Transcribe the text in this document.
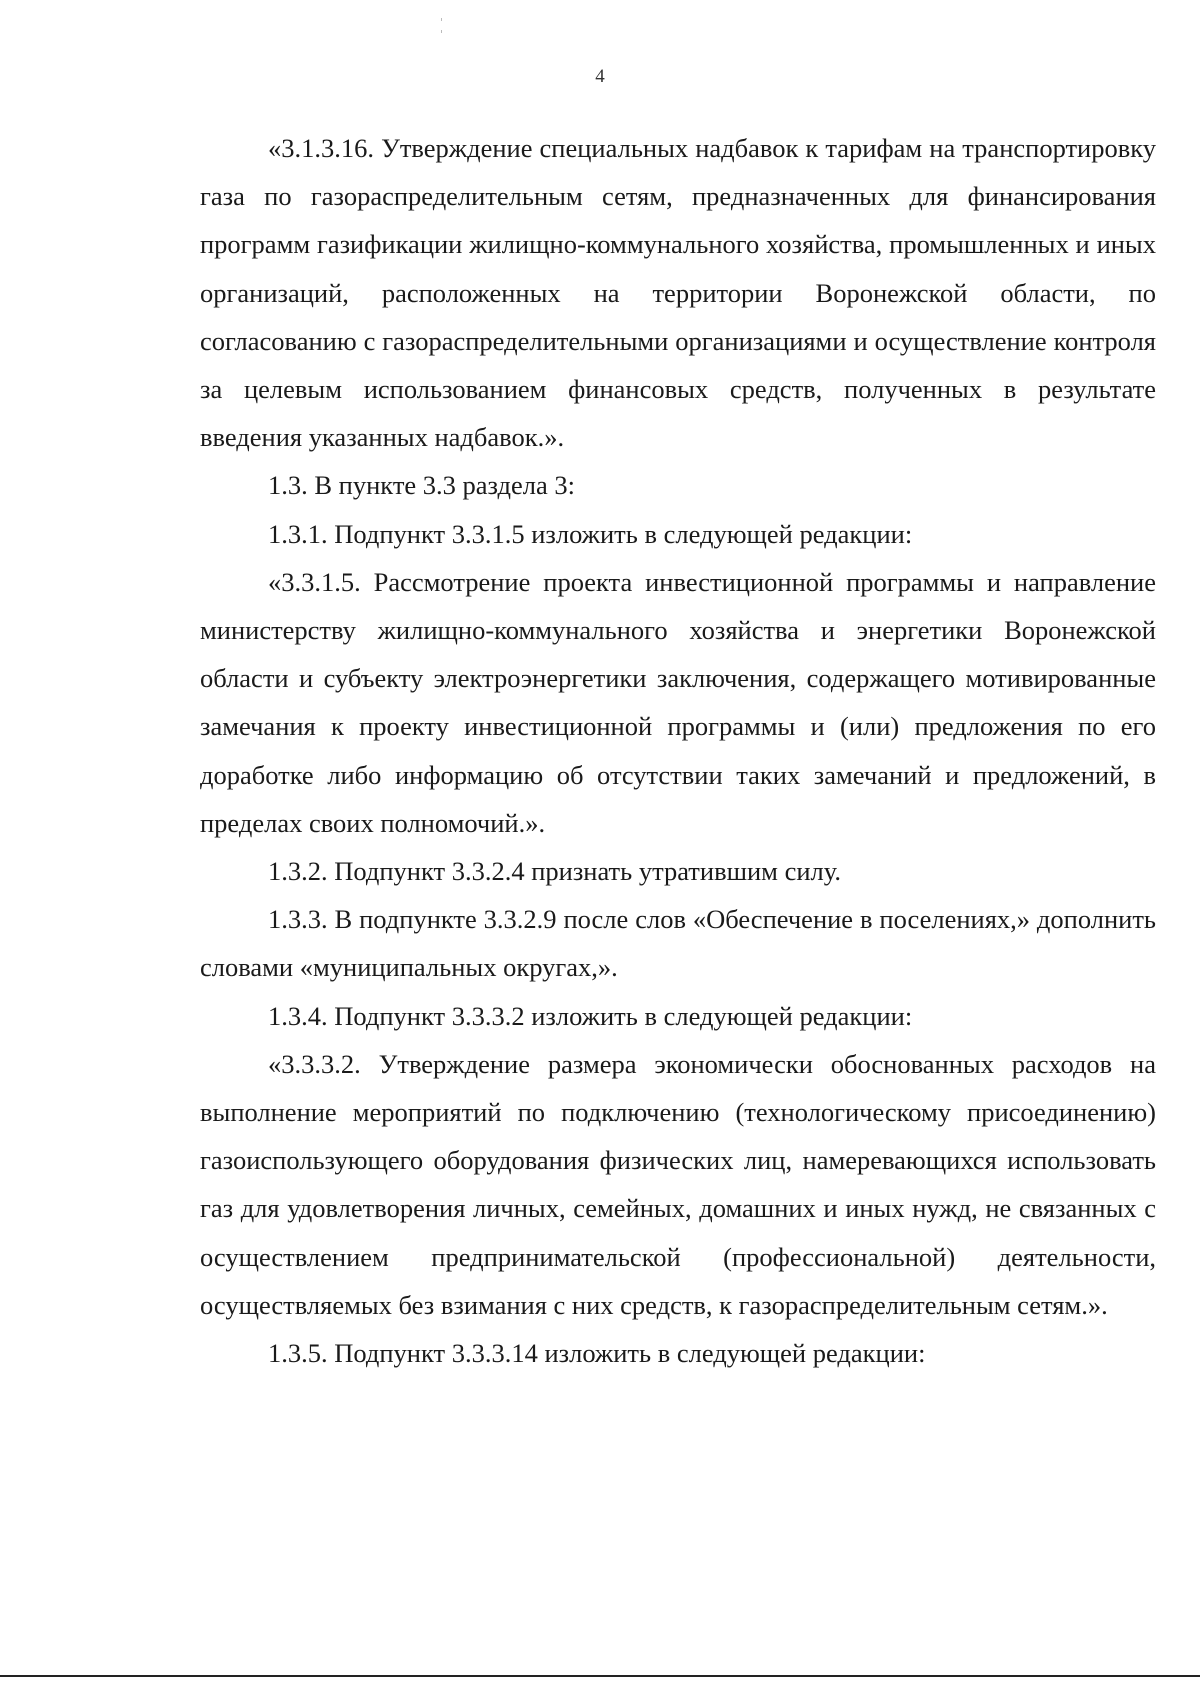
4

«3.1.3.16. Утверждение специальных надбавок к тарифам на транспортировку газа по газораспределительным сетям, предназначенных для финансирования программ газификации жилищно-коммунального хозяйства, промышленных и иных организаций, расположенных на территории Воронежской области, по согласованию с газораспределительными организациями и осуществление контроля за целевым использованием финансовых средств, полученных в результате введения указанных надбавок.».

1.3. В пункте 3.3 раздела 3:

1.3.1. Подпункт 3.3.1.5 изложить в следующей редакции:

«3.3.1.5. Рассмотрение проекта инвестиционной программы и направление министерству жилищно-коммунального хозяйства и энергетики Воронежской области и субъекту электроэнергетики заключения, содержащего мотивированные замечания к проекту инвестиционной программы и (или) предложения по его доработке либо информацию об отсутствии таких замечаний и предложений, в пределах своих полномочий.».

1.3.2. Подпункт 3.3.2.4 признать утратившим силу.

1.3.3. В подпункте 3.3.2.9 после слов «Обеспечение в поселениях,» дополнить словами «муниципальных округах,».

1.3.4. Подпункт 3.3.3.2 изложить в следующей редакции:

«3.3.3.2. Утверждение размера экономически обоснованных расходов на выполнение мероприятий по подключению (технологическому присоединению) газоиспользующего оборудования физических лиц, намеревающихся использовать газ для удовлетворения личных, семейных, домашних и иных нужд, не связанных с осуществлением предпринимательской (профессиональной) деятельности, осуществляемых без взимания с них средств, к газораспределительным сетям.».

1.3.5. Подпункт 3.3.3.14 изложить в следующей редакции:
